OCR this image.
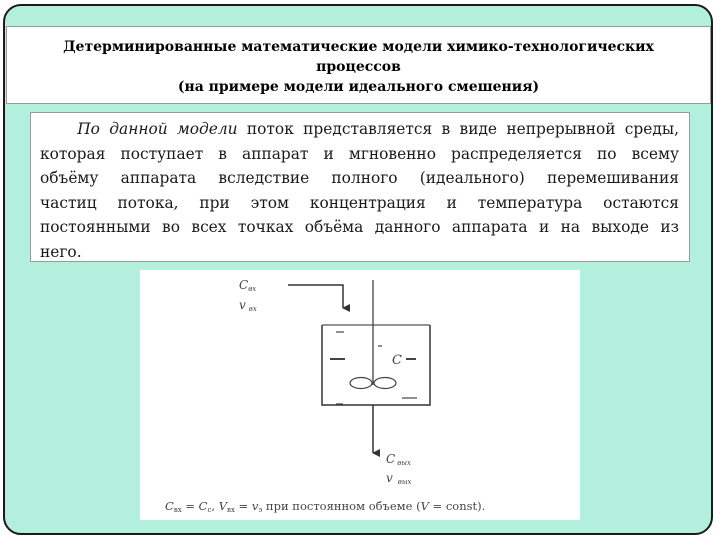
Детерминированные математические модели химико-технологических
процессов
(на примере модели идеального смешения)
По данной модели поток представляется в виде непрерывной среды,
которая поступает в аппарат и мгновенно распределяется по всему
объёму аппарата вследствие полного (идеального) перемешивания
частиц потока, при этом концентрация и температура остаются
постоянными во всех точках объёма данного аппарата и на выходе из
него.
Cвх
vвх
C
Cвых
vвых
Cвх = Cc, Vвх = vэ при постоянном объеме (V = const).
